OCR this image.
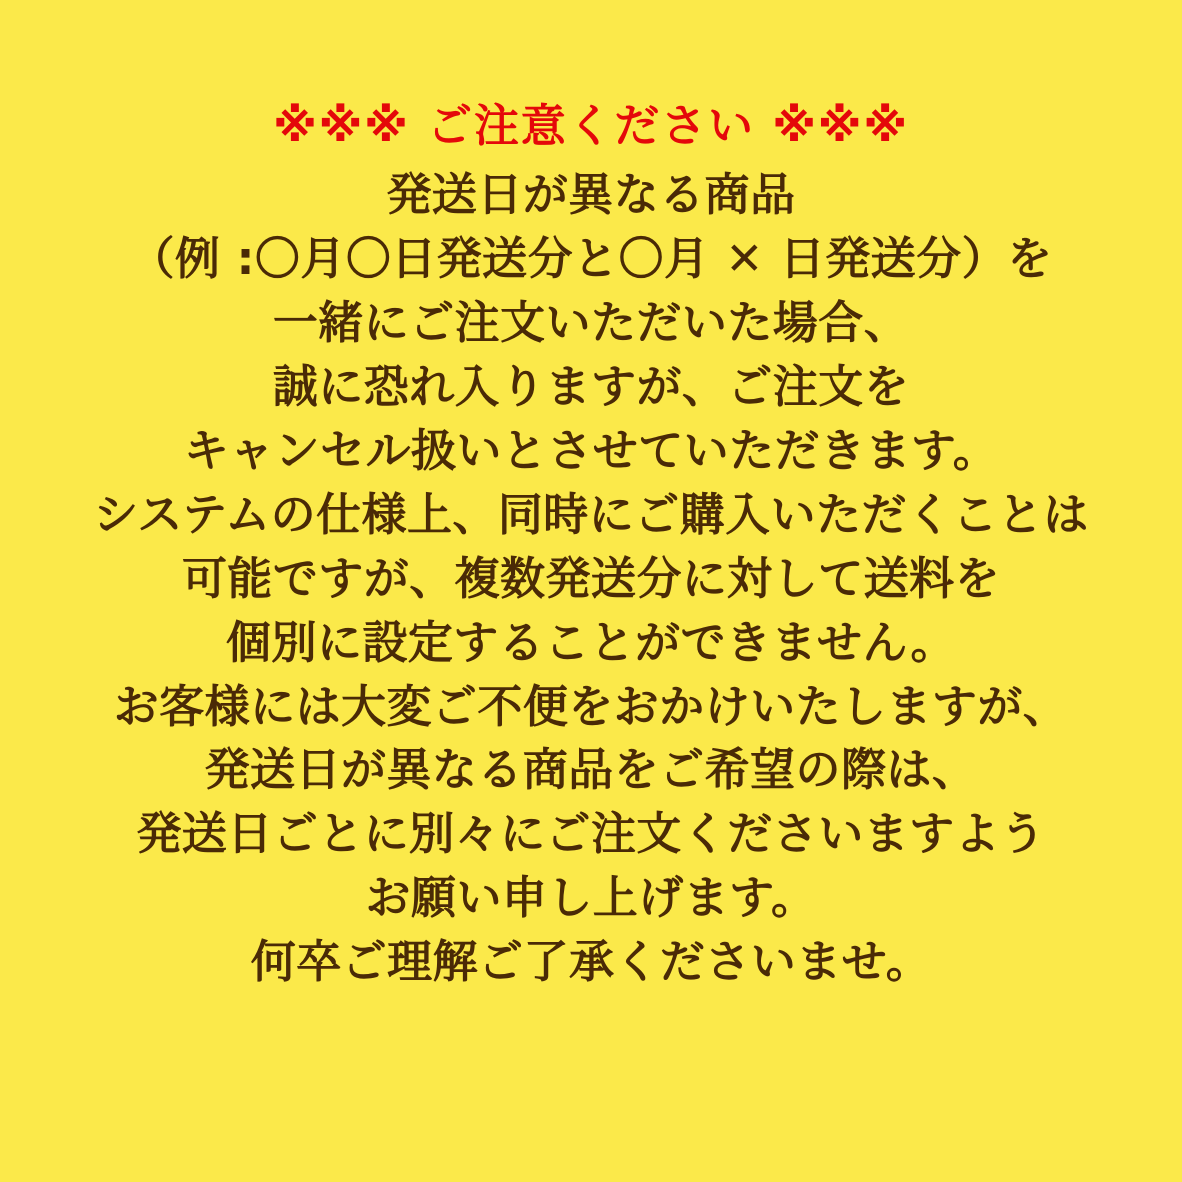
※※※ ご注意ください ※※※
発送日が異なる商品
（例 :〇月〇日発送分と〇月 ✕ 日発送分）を
一緒にご注文いただいた場合、
誠に恐れ入りますが、ご注文を
キャンセル扱いとさせていただきます。
システムの仕様上、同時にご購入いただくことは
可能ですが、複数発送分に対して送料を
個別に設定することができません。
お客様には大変ご不便をおかけいたしますが、
発送日が異なる商品をご希望の際は、
発送日ごとに別々にご注文くださいますよう
お願い申し上げます。
何卒ご理解ご了承くださいませ。
